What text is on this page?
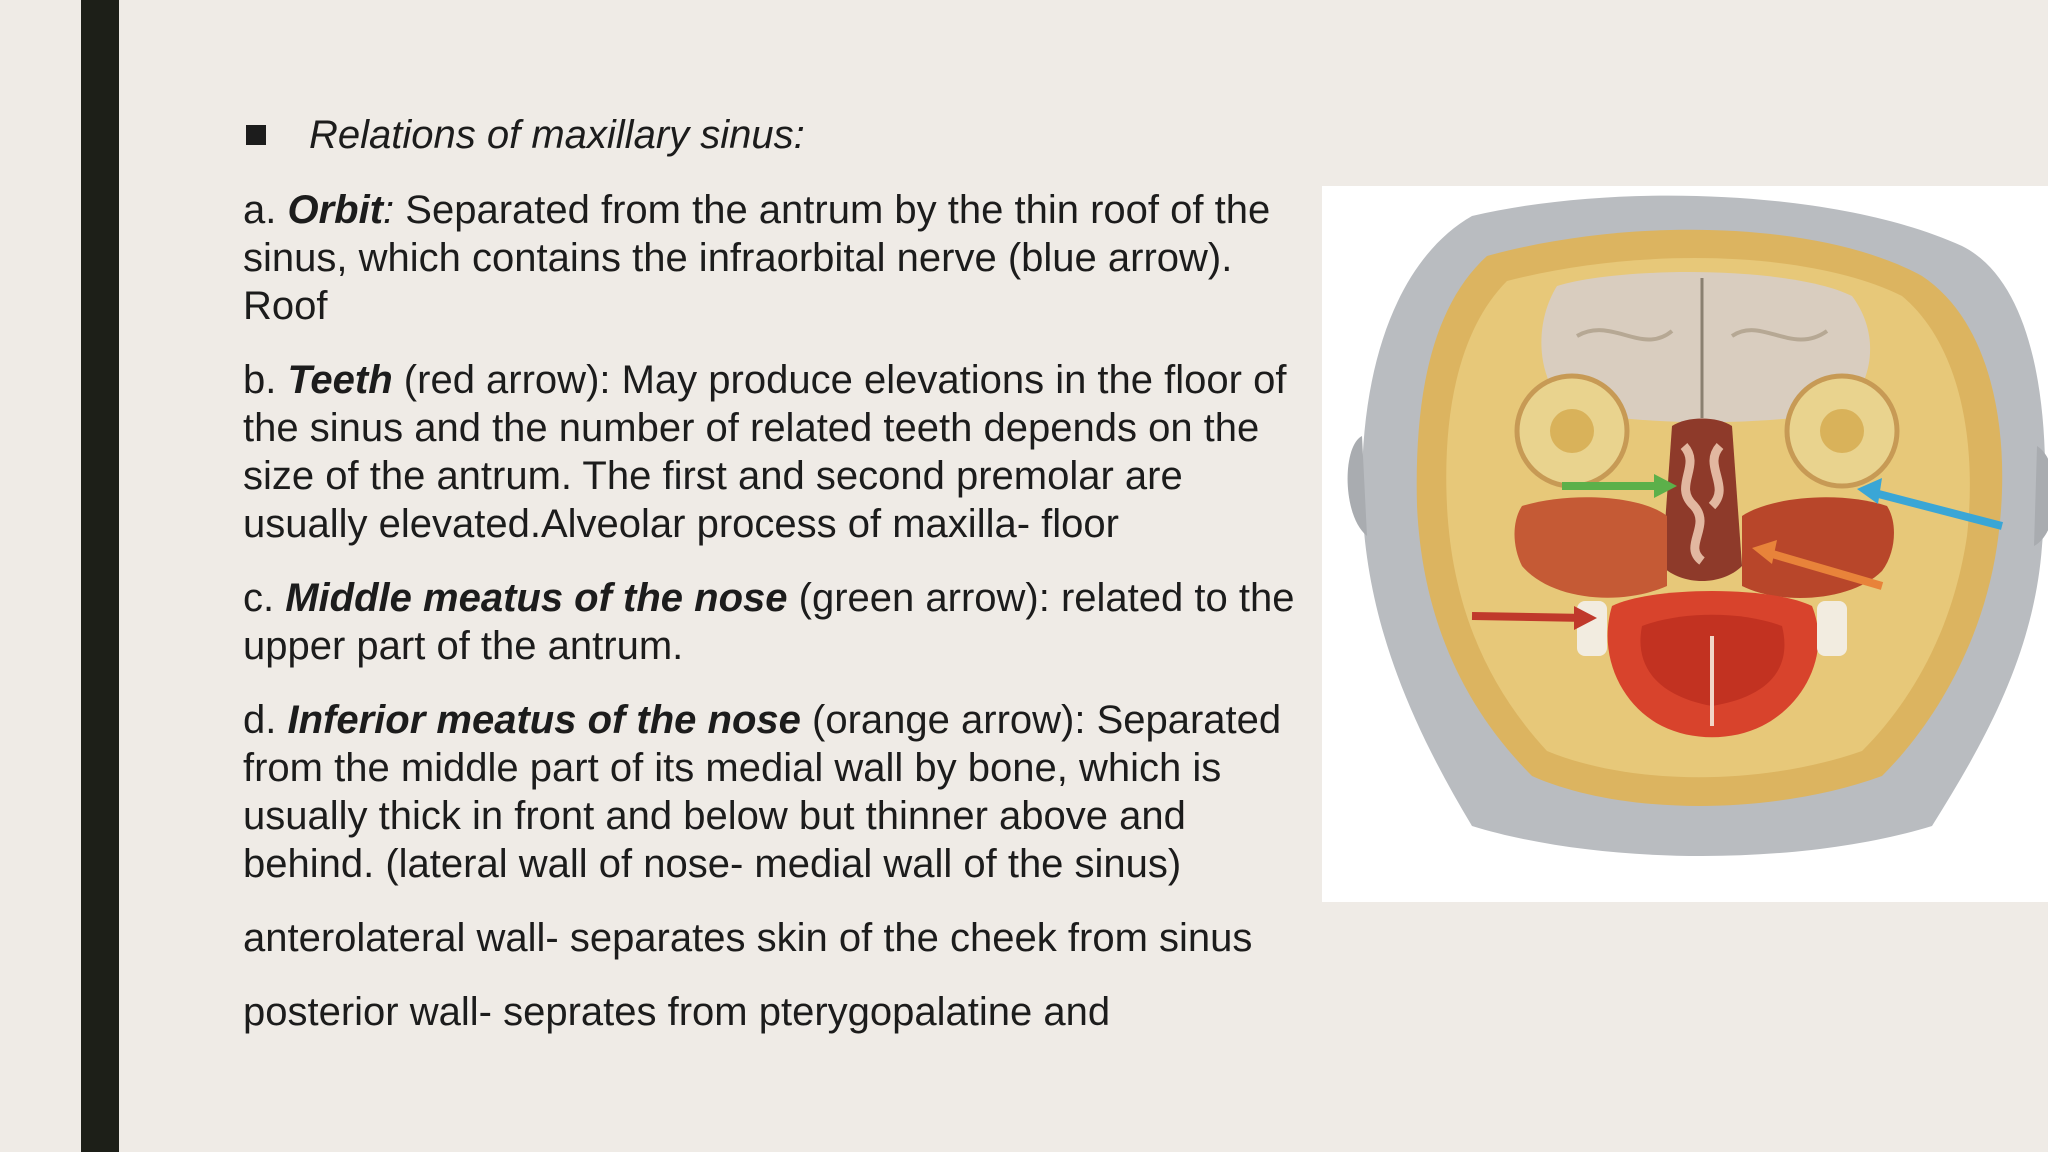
Relations of maxillary sinus:

a. Orbit: Separated from the antrum by the thin roof of the sinus, which contains the infraorbital nerve (blue arrow). Roof

b. Teeth (red arrow): May produce elevations in the floor of the sinus and the number of related teeth depends on the size of the antrum. The first and second premolar are usually elevated.Alveolar process of maxilla- floor

c. Middle meatus of the nose (green arrow): related to the upper part of the antrum.

d. Inferior meatus of the nose (orange arrow): Separated from the middle part of its medial wall by bone, which is usually thick in front and below but thinner above and behind. (lateral wall of nose- medial wall of the sinus)

anterolateral wall- separates skin of the cheek from sinus

posterior wall- seprates from pterygopalatine and
